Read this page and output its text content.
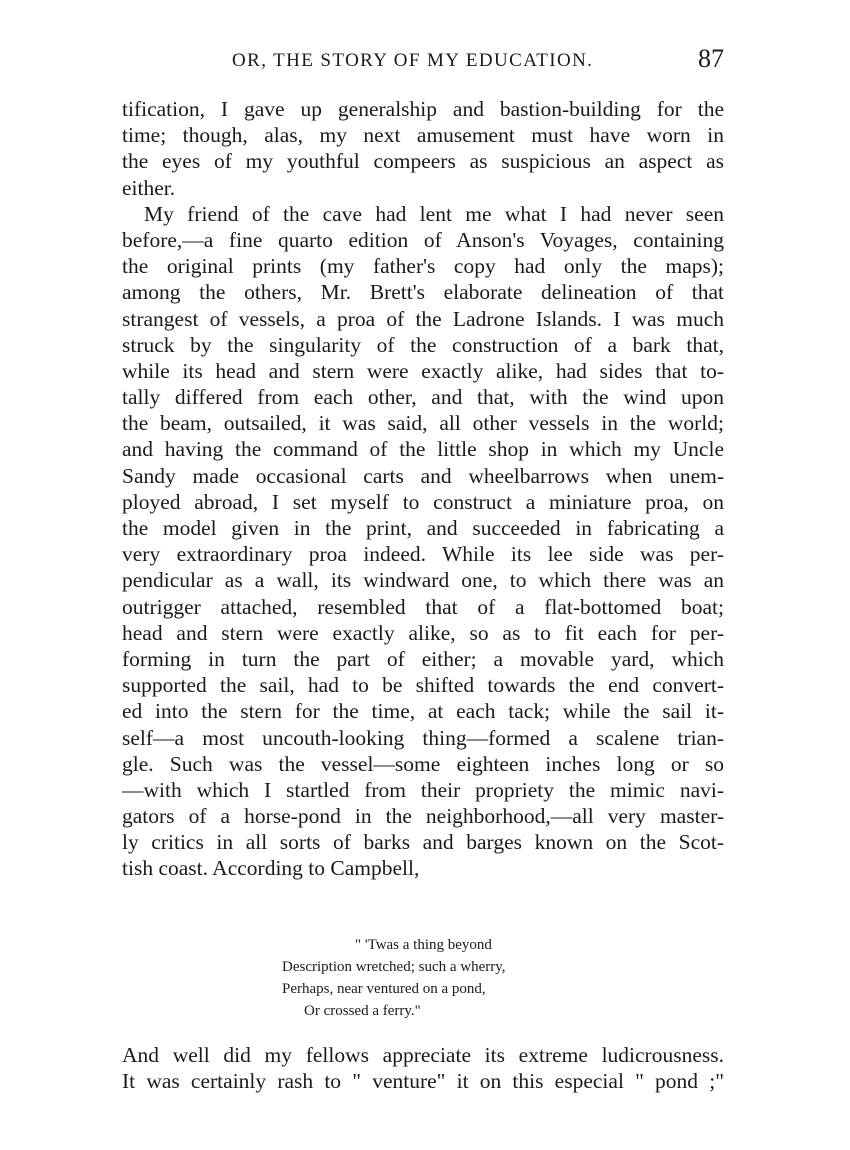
OR, THE STORY OF MY EDUCATION.	87
tification, I gave up generalship and bastion-building for the
time; though, alas, my next amusement must have worn in
the eyes of my youthful compeers as suspicious an aspect as
either.
My friend of the cave had lent me what I had never seen
before,—a fine quarto edition of Anson's Voyages, containing
the original prints (my father's copy had only the maps);
among the others, Mr. Brett's elaborate delineation of that
strangest of vessels, a proa of the Ladrone Islands. I was much
struck by the singularity of the construction of a bark that,
while its head and stern were exactly alike, had sides that to-
tally differed from each other, and that, with the wind upon
the beam, outsailed, it was said, all other vessels in the world;
and having the command of the little shop in which my Uncle
Sandy made occasional carts and wheelbarrows when unem-
ployed abroad, I set myself to construct a miniature proa, on
the model given in the print, and succeeded in fabricating a
very extraordinary proa indeed. While its lee side was per-
pendicular as a wall, its windward one, to which there was an
outrigger attached, resembled that of a flat-bottomed boat;
head and stern were exactly alike, so as to fit each for per-
forming in turn the part of either; a movable yard, which
supported the sail, had to be shifted towards the end convert-
ed into the stern for the time, at each tack; while the sail it-
self—a most uncouth-looking thing—formed a scalene trian-
gle. Such was the vessel—some eighteen inches long or so
—with which I startled from their propriety the mimic navi-
gators of a horse-pond in the neighborhood,—all very master-
ly critics in all sorts of barks and barges known on the Scot-
tish coast. According to Campbell,
" 'Twas a thing beyond
Description wretched; such a wherry,
Perhaps, near ventured on a pond,
Or crossed a ferry."
And well did my fellows appreciate its extreme ludicrousness.
It was certainly rash to " venture" it on this especial " pond ;"
